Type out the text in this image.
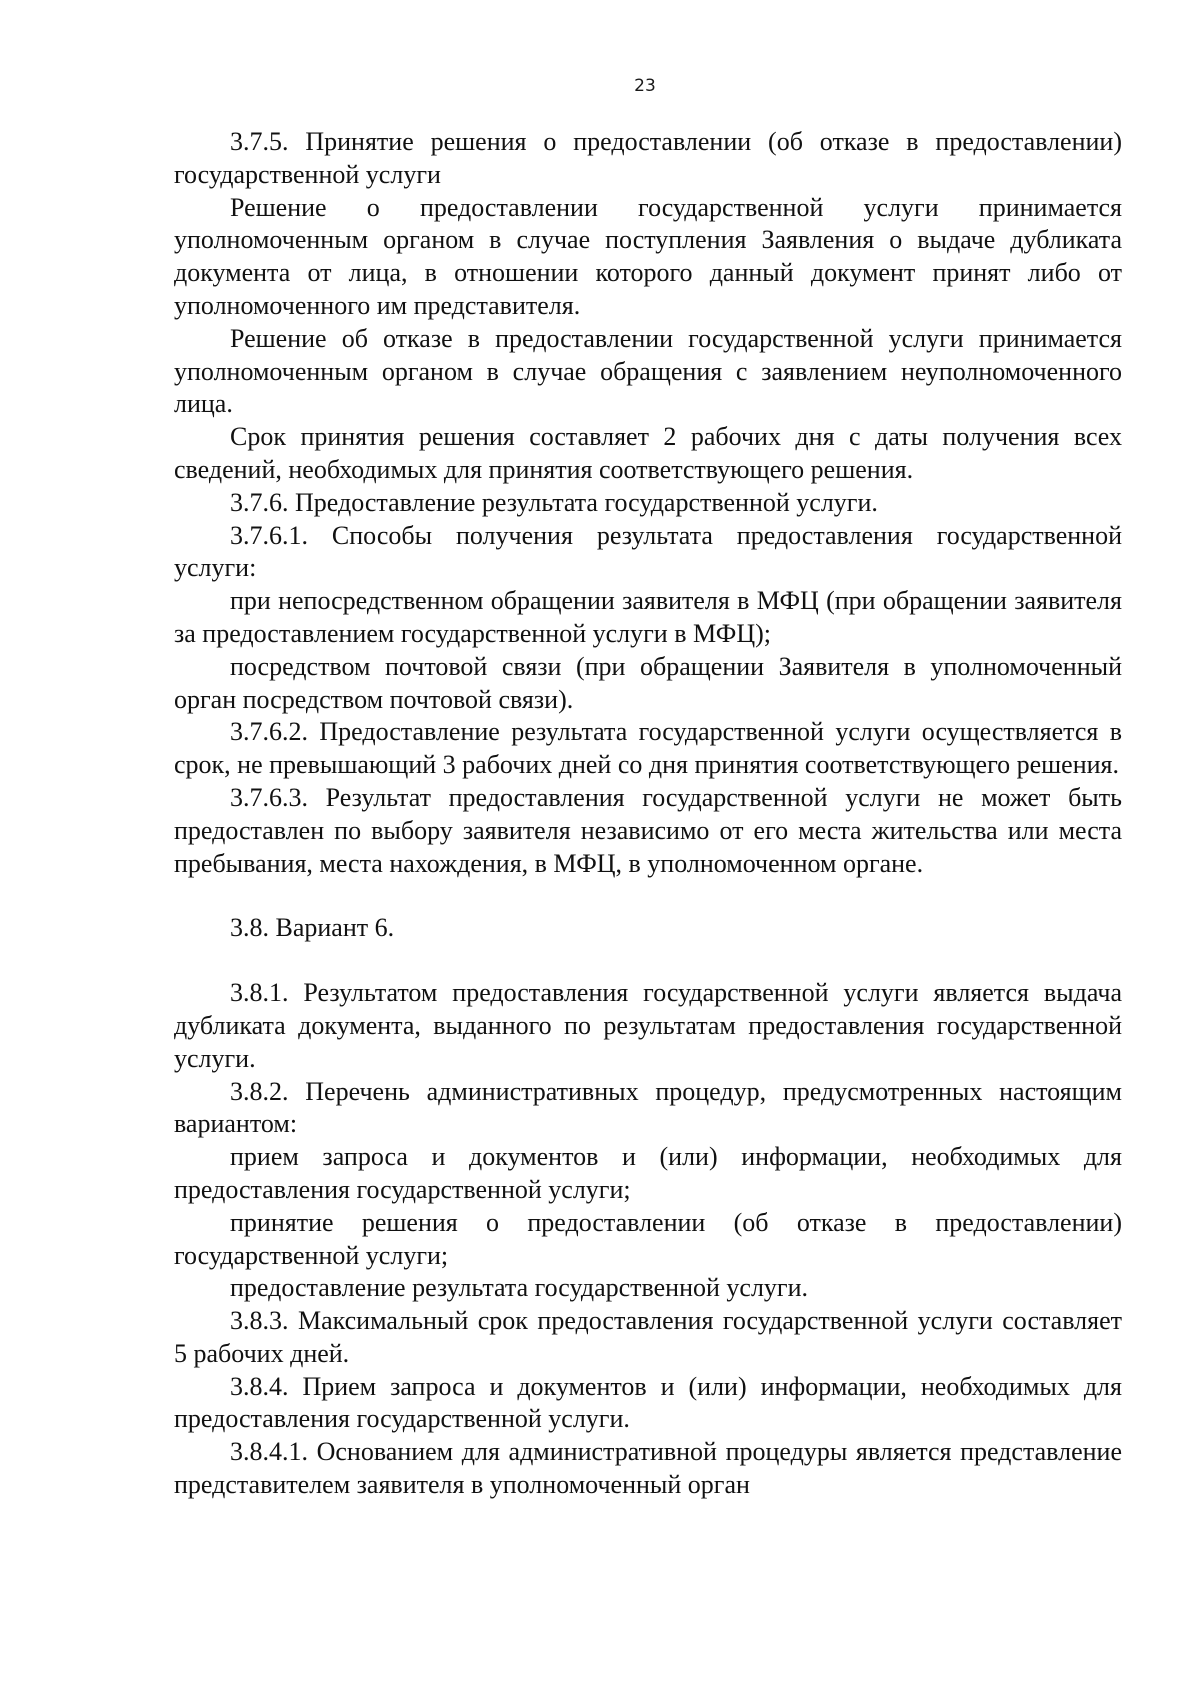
23

3.7.5. Принятие решения о предоставлении (об отказе в предоставлении) государственной услуги

Решение о предоставлении государственной услуги принимается уполномоченным органом в случае поступления Заявления о выдаче дубликата документа от лица, в отношении которого данный документ принят либо от уполномоченного им представителя.

Решение об отказе в предоставлении государственной услуги принимается уполномоченным органом в случае обращения с заявлением неуполномоченного лица.

Срок принятия решения составляет 2 рабочих дня с даты получения всех сведений, необходимых для принятия соответствующего решения.

3.7.6. Предоставление результата государственной услуги.

3.7.6.1. Способы получения результата предоставления государственной услуги:

при непосредственном обращении заявителя в МФЦ (при обращении заявителя за предоставлением государственной услуги в МФЦ);

посредством почтовой связи (при обращении Заявителя в уполномоченный орган посредством почтовой связи).

3.7.6.2. Предоставление результата государственной услуги осуществляется в срок, не превышающий 3 рабочих дней со дня принятия соответствующего решения.

3.7.6.3. Результат предоставления государственной услуги не может быть предоставлен по выбору заявителя независимо от его места жительства или места пребывания, места нахождения, в МФЦ, в уполномоченном органе.

3.8. Вариант 6.

3.8.1. Результатом предоставления государственной услуги является выдача дубликата документа, выданного по результатам предоставления государственной услуги.

3.8.2. Перечень административных процедур, предусмотренных настоящим вариантом:

прием запроса и документов и (или) информации, необходимых для предоставления государственной услуги;

принятие решения о предоставлении (об отказе в предоставлении) государственной услуги;

предоставление результата государственной услуги.

3.8.3. Максимальный срок предоставления государственной услуги составляет 5 рабочих дней.

3.8.4. Прием запроса и документов и (или) информации, необходимых для предоставления государственной услуги.

3.8.4.1. Основанием для административной процедуры является представление представителем заявителя в уполномоченный орган
